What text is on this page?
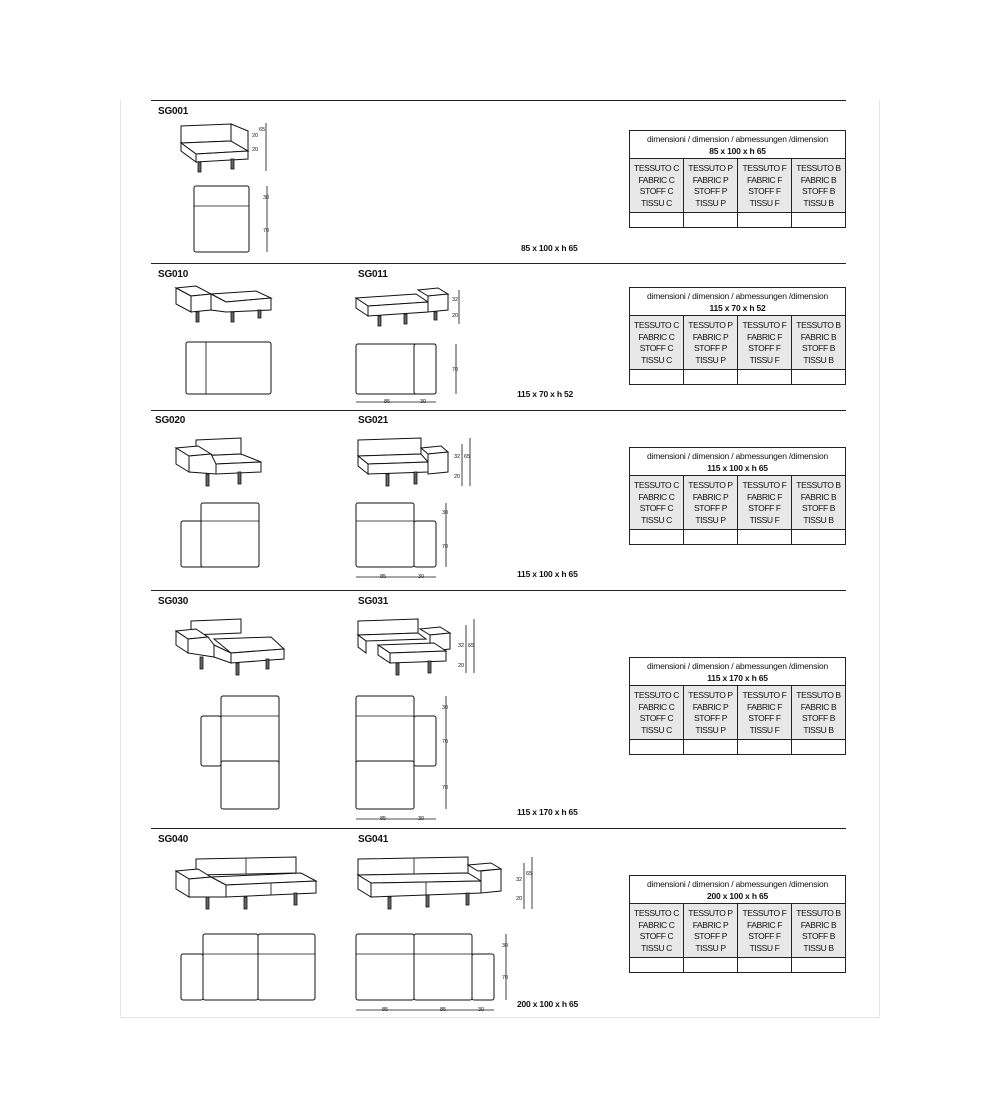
SG001
65
20
20
30
70
85 x 100 x h 65
dimensioni / dimension / abmessungen /dimension
85 x 100 x h 65
TESSUTO C
FABRIC C
STOFF C
TISSU C
TESSUTO P
FABRIC P
STOFF P
TISSU P
TESSUTO F
FABRIC F
STOFF F
TISSU F
TESSUTO B
FABRIC B
STOFF B
TISSU B
SG010	SG011
32
20
70
85	30
115 x 70 x h 52
dimensioni / dimension / abmessungen /dimension
115 x 70 x h 52
TESSUTO C
FABRIC C
STOFF C
TISSU C
TESSUTO P
FABRIC P
STOFF P
TISSU P
TESSUTO F
FABRIC F
STOFF F
TISSU F
TESSUTO B
FABRIC B
STOFF B
TISSU B
SG020	SG021
32 65
20
30
70
85	30	115 x 100 x h 65
dimensioni / dimension / abmessungen /dimension
115 x 100 x h 65
TESSUTO C
FABRIC C
STOFF C
TISSU C
TESSUTO P
FABRIC P
STOFF P
TISSU P
TESSUTO F
FABRIC F
STOFF F
TISSU F
TESSUTO B
FABRIC B
STOFF B
TISSU B
SG030	SG031
32 65
20
30
70
70
85	30
115 x 170 x h 65
dimensioni / dimension / abmessungen /dimension
115 x 170 x h 65
TESSUTO C
FABRIC C
STOFF C
TISSU C
TESSUTO P
FABRIC P
STOFF P
TISSU P
TESSUTO F
FABRIC F
STOFF F
TISSU F
TESSUTO B
FABRIC B
STOFF B
TISSU B
SG040	SG041
32
65
20
30
70
85	85	30
200 x 100 x h 65
dimensioni / dimension / abmessungen /dimension
200 x 100 x h 65
TESSUTO C
FABRIC C
STOFF C
TISSU C
TESSUTO P
FABRIC P
STOFF P
TISSU P
TESSUTO F
FABRIC F
STOFF F
TISSU F
TESSUTO B
FABRIC B
STOFF B
TISSU B
